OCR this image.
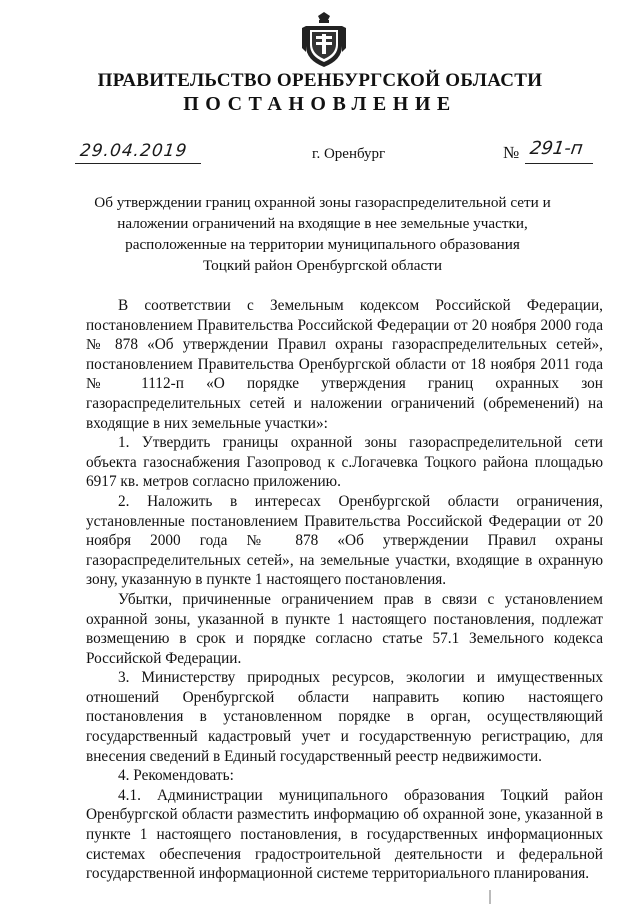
ПРАВИТЕЛЬСТВО ОРЕНБУРГСКОЙ ОБЛАСТИ
ПОСТАНОВЛЕНИЕ
29.04.2019	г. Оренбург	№ 291-п
Об утверждении границ охранной зоны газораспределительной сети и
наложении ограничений на входящие в нее земельные участки,
расположенные на территории муниципального образования
Тоцкий район Оренбургской области

В соответствии с Земельным кодексом Российской Федерации, постановлением Правительства Российской Федерации от 20 ноября 2000 года № 878 «Об утверждении Правил охраны газораспределительных сетей», постановлением Правительства Оренбургской области от 18 ноября 2011 года № 1112-п «О порядке утверждения границ охранных зон газораспределительных сетей и наложении ограничений (обременений) на входящие в них земельные участки»:

1. Утвердить границы охранной зоны газораспределительной сети объекта газоснабжения Газопровод к с.Логачевка Тоцкого района площадью 6917 кв. метров согласно приложению.

2. Наложить в интересах Оренбургской области ограничения, установленные постановлением Правительства Российской Федерации от 20 ноября 2000 года № 878 «Об утверждении Правил охраны газораспределительных сетей», на земельные участки, входящие в охранную зону, указанную в пункте 1 настоящего постановления.

Убытки, причиненные ограничением прав в связи с установлением охранной зоны, указанной в пункте 1 настоящего постановления, подлежат возмещению в срок и порядке согласно статье 57.1 Земельного кодекса Российской Федерации.

3. Министерству природных ресурсов, экологии и имущественных отношений Оренбургской области направить копию настоящего постановления в установленном порядке в орган, осуществляющий государственный кадастровый учет и государственную регистрацию, для внесения сведений в Единый государственный реестр недвижимости.

4. Рекомендовать:

4.1. Администрации муниципального образования Тоцкий район Оренбургской области разместить информацию об охранной зоне, указанной в пункте 1 настоящего постановления, в государственных информационных системах обеспечения градостроительной деятельности и федеральной государственной информационной системе территориального планирования.
